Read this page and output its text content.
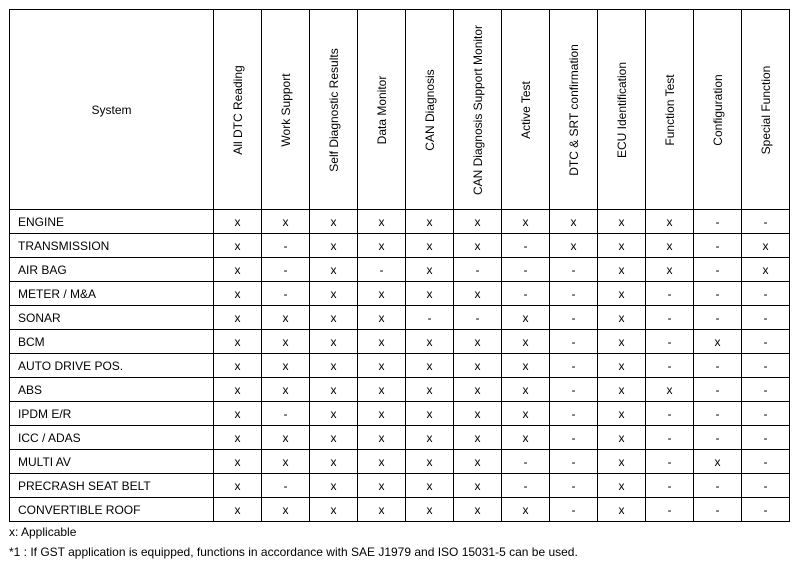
System	All DTC Reading	Work Support	Self Diagnostic Results	Data Monitor	CAN Diagnosis	CAN Diagnosis Support Monitor	Active Test	DTC & SRT confirmation	ECU Identification	Function Test	Configuration	Special Function

ENGINE	x	x	x	x	x	x	x	x	x	x	-	-
TRANSMISSION	x	-	x	x	x	x	-	x	x	x	-	x
AIR BAG	x	-	x	-	x	-	-	-	x	x	-	x
METER / M&A	x	-	x	x	x	x	-	-	x	-	-	-
SONAR	x	x	x	x	-	-	x	-	x	-	-	-
BCM	x	x	x	x	x	x	x	-	x	-	x	-
AUTO DRIVE POS.	x	x	x	x	x	x	x	-	x	-	-	-
ABS	x	x	x	x	x	x	x	-	x	x	-	-
IPDM E/R	x	-	x	x	x	x	x	-	x	-	-	-
ICC / ADAS	x	x	x	x	x	x	x	-	x	-	-	-
MULTI AV	x	x	x	x	x	x	-	-	x	-	x	-
PRECRASH SEAT BELT	x	-	x	x	x	x	-	-	x	-	-	-
CONVERTIBLE ROOF	x	x	x	x	x	x	x	-	x	-	-	-
x: Applicable
*1 : If GST application is equipped, functions in accordance with SAE J1979 and ISO 15031-5 can be used.
